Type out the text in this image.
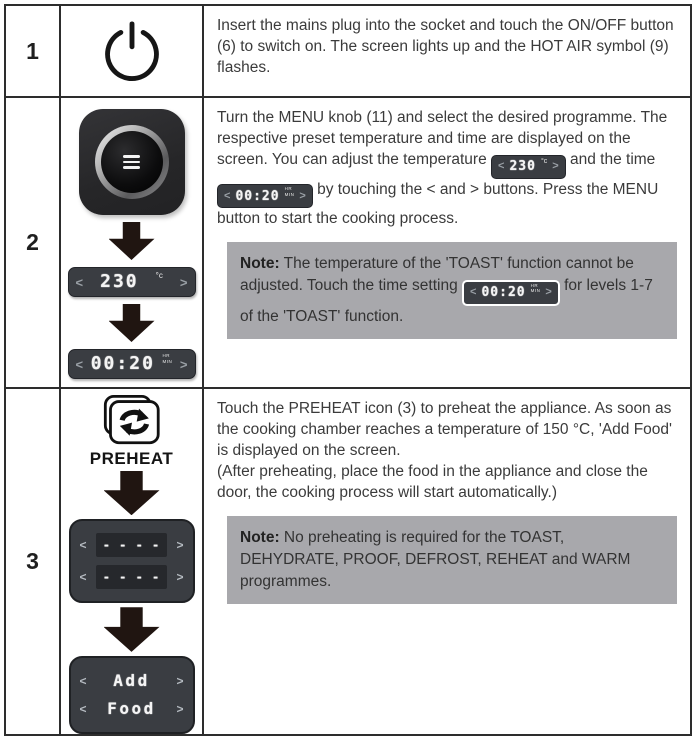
1

Insert the mains plug into the socket and touch the ON/OFF button (6) to switch on. The screen lights up and the HOT AIR symbol (9) flashes.

2
< 230 °c >
< 00:20 HR
MIN >

Turn the MENU knob (11) and select the desired programme. The respective preset temperature and time are displayed on the screen. You can adjust the temperature < 230 °c > and the time
< 00:20 HR
MIN > by touching the < and > buttons. Press the MENU button to start the cooking process.

Note: The temperature of the 'TOAST' function cannot be adjusted. Touch the time setting < 00:20 HR
MIN > for levels 1-7 of the 'TOAST' function.
3
PREHEAT
<	- - - -	>
<	- - - -	>
< Add >
< Food >

Touch the PREHEAT icon (3) to preheat the appliance. As soon as the cooking chamber reaches a temperature of 150 °C, 'Add Food' is displayed on the screen.

(After preheating, place the food in the appliance and close the door, the cooking process will start automatically.)

Note: No preheating is required for the TOAST, DEHYDRATE, PROOF, DEFROST, REHEAT and WARM programmes.
